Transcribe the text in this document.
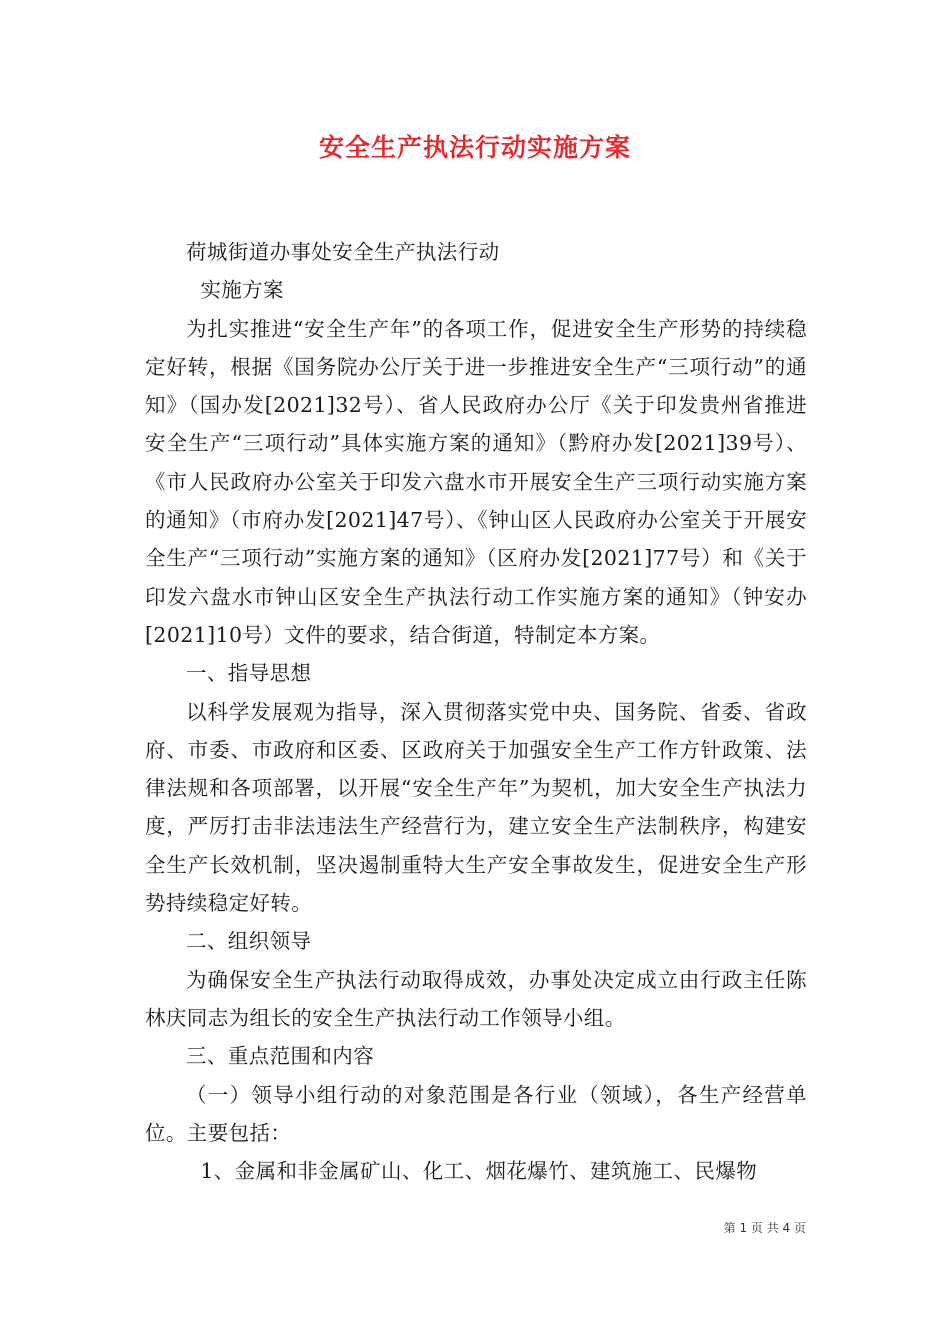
安全生产执法行动实施方案

荷城街道办事处安全生产执法行动

实施方案

为扎实推进“安全生产年”的各项工作，促进安全生产形势的持续稳定好转，根据《国务院办公厅关于进一步推进安全生产“三项行动”的通知》（国办发[2021]32号）、省人民政府办公厅《关于印发贵州省推进安全生产“三项行动”具体实施方案的通知》（黔府办发[2021]39号）、《市人民政府办公室关于印发六盘水市开展安全生产三项行动实施方案的通知》（市府办发[2021]47号）、《钟山区人民政府办公室关于开展安全生产“三项行动”实施方案的通知》（区府办发[2021]77号）和《关于印发六盘水市钟山区安全生产执法行动工作实施方案的通知》（钟安办[2021]10号）文件的要求，结合街道，特制定本方案。

一、指导思想

以科学发展观为指导，深入贯彻落实党中央、国务院、省委、省政府、市委、市政府和区委、区政府关于加强安全生产工作方针政策、法律法规和各项部署，以开展“安全生产年”为契机，加大安全生产执法力度，严厉打击非法违法生产经营行为，建立安全生产法制秩序，构建安全生产长效机制，坚决遏制重特大生产安全事故发生，促进安全生产形势持续稳定好转。

二、组织领导

为确保安全生产执法行动取得成效，办事处决定成立由行政主任陈林庆同志为组长的安全生产执法行动工作领导小组。

三、重点范围和内容

（一）领导小组行动的对象范围是各行业（领域），各生产经营单位。主要包括：

1、金属和非金属矿山、化工、烟花爆竹、建筑施工、民爆物

第 1 页 共 4 页
